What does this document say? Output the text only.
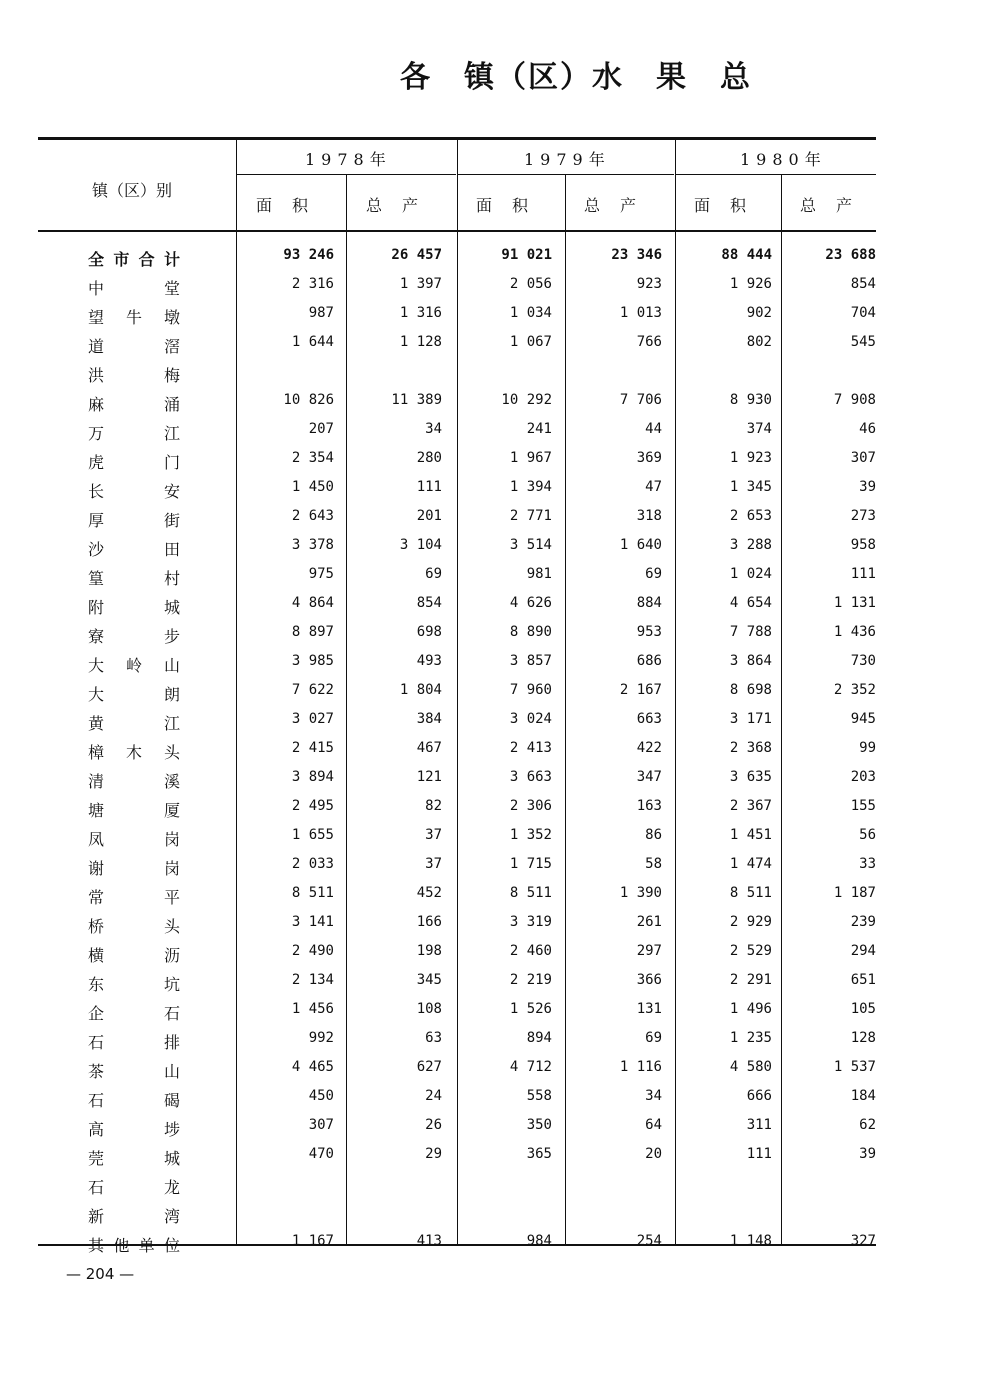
各　镇（区）水　果　总
镇（区）别
1978年	1979年	1980年
面积 总产 面积 总产 面积 总产
全市合计	93 246	26 457	91 021	23 346	88 444	23 688
中堂	2 316	1 397	2 056	923	1 926	854
望牛墩	987	1 316	1 034	1 013	902	704
道滘	1 644	1 128	1 067	766	802	545
洪梅
麻涌	10 826	11 389	10 292	7 706	8 930	7 908
万江	207	34	241	44	374	46
虎门	2 354	280	1 967	369	1 923	307
长安	1 450	111	1 394	47	1 345	39
厚街	2 643	201	2 771	318	2 653	273
沙田	3 378	3 104	3 514	1 640	3 288	958
篁村	975	69	981	69	1 024	111
附城	4 864	854	4 626	884	4 654	1 131
寮步	8 897	698	8 890	953	7 788	1 436
大岭山	3 985	493	3 857	686	3 864	730
大朗	7 622	1 804	7 960	2 167	8 698	2 352
黄江	3 027	384	3 024	663	3 171	945
樟木头	2 415	467	2 413	422	2 368	99
清溪	3 894	121	3 663	347	3 635	203
塘厦	2 495	82	2 306	163	2 367	155
凤岗	1 655	37	1 352	86	1 451	56
谢岗	2 033	37	1 715	58	1 474	33
常平	8 511	452	8 511	1 390	8 511	1 187
桥头	3 141	166	3 319	261	2 929	239
横沥	2 490	198	2 460	297	2 529	294
东坑	2 134	345	2 219	366	2 291	651
企石	1 456	108	1 526	131	1 496	105
石排	992	63	894	69	1 235	128
茶山	4 465	627	4 712	1 116	4 580	1 537
石碣	450	24	558	34	666	184
高埗	307	26	350	64	311	62
莞城	470	29	365	20	111	39
石龙
新湾
其他单位	1 167	413	984	254	1 148	327
— 204 —
